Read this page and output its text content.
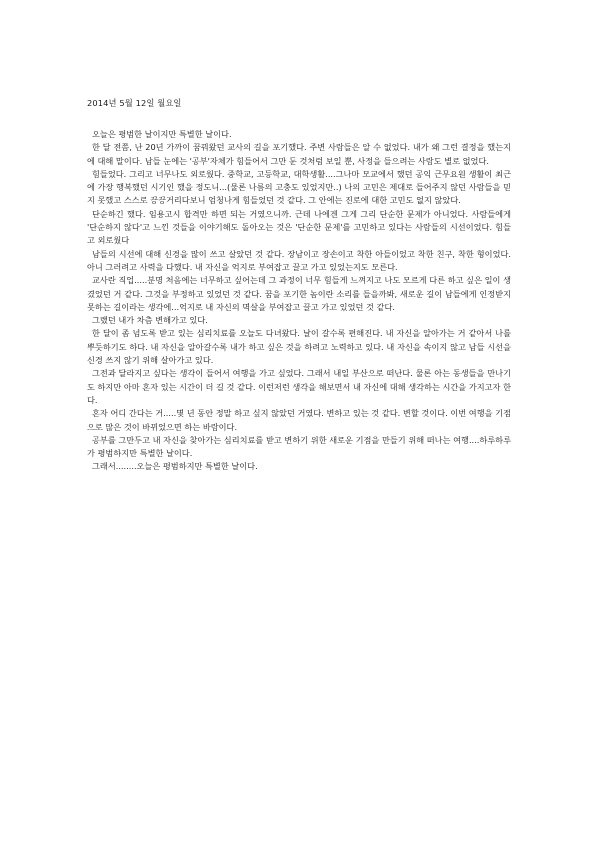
2014년 5월 12일 월요일

오늘은 평범한 날이지만 특별한 날이다.

한 달 전쯤, 난 20년 가까이 꿈꿔왔던 교사의 길을 포기했다. 주변 사람들은 알 수 없었다. 내가 왜 그런 결정을 했는지에 대해 말이다. 남들 눈에는 '공부'자체가 힘들어서 그만 둔 것처럼 보일 뿐, 사정을 들으려는 사람도 별로 없었다.

힘들었다. 그리고 너무나도 외로웠다. 중학교, 고등학교, 대학생활....그나마 모교에서 했던 공익 근무요원 생활이 최근에 가장 행복했던 시기인 했을 정도니...(물론 나름의 고충도 있었지만..) 나의 고민은 제대로 들어주지 않던 사람들을 믿지 못했고 스스로 끙끙거리다보니 엄청나게 힘들었던 것 같다. 그 안에는 진로에 대한 고민도 없지 않았다.

단순하긴 했다. 임용고시 합격만 하면 되는 거였으니까. 근데 나에겐 그게 그리 단순한 문제가 아니었다. 사람들에게 '단순하지 않다'고 느낀 것들을 이야기해도 돌아오는 것은 '단순한 문제'를 고민하고 있다는 사람들의 시선이었다. 힘들고 외로웠다

남들의 시선에 대해 신경을 많이 쓰고 살았던 것 같다. 장남이고 장손이고 착한 아들이었고 착한 친구, 착한 형이었다. 아니 그러려고 사력을 다했다. 내 자신을 억지로 부여잡고 끌고 가고 있었는지도 모른다.

교사란 직업.....분명 처음에는 너무하고 싶어는데 그 과정이 너무 힘들게 느껴지고 나도 모르게 다른 하고 싶은 일이 생겼었던 거 같다. 그것을 부정하고 있었던 것 같다. 꿈을 포기한 놈이란 소리를 들을까봐, 새로운 길이 남들에게 인정받지 못하는 길이라는 생각에...억지로 내 자신의 멱살을 부여잡고 끌고 가고 있었던 것 같다.

그랬던 내가 차츰 변해가고 있다.

한 달이 좀 넘도록 받고 있는 심리치료를 오늘도 다녀왔다. 날이 갈수록 편해진다. 내 자신을 알아가는 거 같아서 나를 뿌듯하기도 하다. 내 자신을 알아갈수록 내가 하고 싶은 것을 하려고 노력하고 있다. 내 자신을 속이지 않고 남들 시선을 신경 쓰지 않기 위해 살아가고 있다.

그전과 달라지고 싶다는 생각이 들어서 여행을 가고 싶었다. 그래서 내일 부산으로 떠난다. 물론 아는 동생들을 만나기도 하지만 아마 혼자 있는 시간이 더 길 것 같다. 이런저런 생각을 해보면서 내 자신에 대해 생각하는 시간을 가지고자 한다.

혼자 어디 간다는 거.....몇 년 동안 정말 하고 싶지 않았던 거였다. 변하고 있는 것 같다. 변할 것이다. 이번 여행을 기점으로 많은 것이 바뀌었으면 하는 바람이다.

공부를 그만두고 내 자신을 찾아가는 심리치료를 받고 변하기 위한 새로운 기점을 만들기 위해 떠나는 여행....하루하루가 평범하지만 특별한 날이다.

그래서........오늘은 평범하지만 특별한 날이다.
